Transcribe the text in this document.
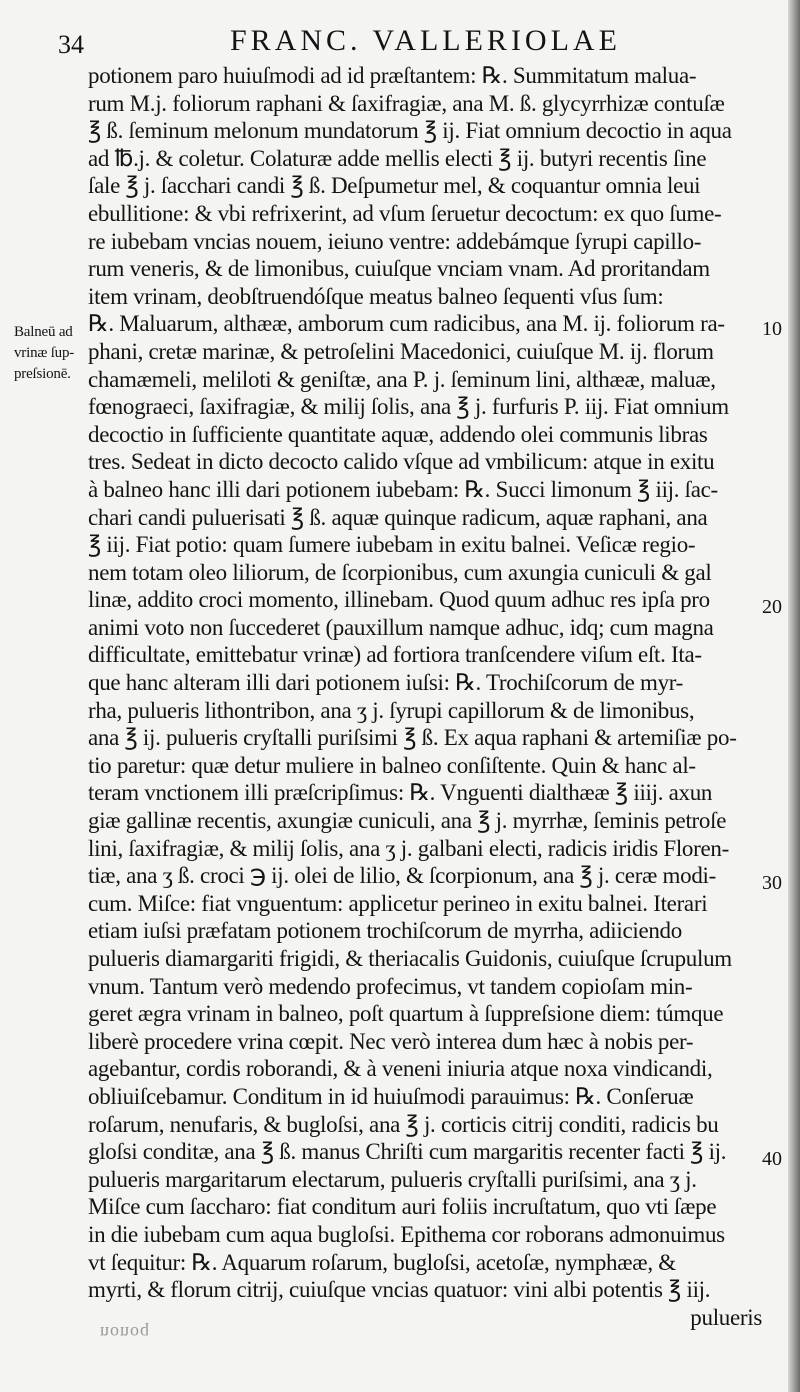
34	FRANC. VALLERIOLAE
Balneū ad
vrinæ ſup-
preſsionē.
10
20
30
40
potionem paro huiuſmodi ad id præſtantem: ℞. Summitatum malua-
rum M.j. foliorum raphani & ſaxifragiæ, ana M. ß. glycyrrhizæ contuſæ
℥ ß. ſeminum melonum mundatorum ℥ ij. Fiat omnium decoctio in aqua
ad ℔.j. & coletur. Colaturæ adde mellis electi ℥ ij. butyri recentis ſine
ſale ℥ j. ſacchari candi ℥ ß. Deſpumetur mel, & coquantur omnia leui
ebullitione: & vbi refrixerint, ad vſum ſeruetur decoctum: ex quo ſume-
re iubebam vncias nouem, ieiuno ventre: addebámque ſyrupi capillo-
rum veneris, & de limonibus, cuiuſque vnciam vnam. Ad proritandam
item vrinam, deobſtruendóſque meatus balneo ſequenti vſus ſum:
℞. Maluarum, althææ, amborum cum radicibus, ana M. ij. foliorum ra-
phani, cretæ marinæ, & petroſelini Macedonici, cuiuſque M. ij. florum
chamæmeli, meliloti & geniſtæ, ana P. j. ſeminum lini, althææ, maluæ,
fœnograeci, ſaxifragiæ, & milij ſolis, ana ℥ j. furfuris P. iij. Fiat omnium
decoctio in ſufficiente quantitate aquæ, addendo olei communis libras
tres. Sedeat in dicto decocto calido vſque ad vmbilicum: atque in exitu
à balneo hanc illi dari potionem iubebam: ℞. Succi limonum ℥ iij. ſac-
chari candi puluerisati ℥ ß. aquæ quinque radicum, aquæ raphani, ana
℥ iij. Fiat potio: quam ſumere iubebam in exitu balnei. Veſicæ regio-
nem totam oleo liliorum, de ſcorpionibus, cum axungia cuniculi & gal
linæ, addito croci momento, illinebam. Quod quum adhuc res ipſa pro
animi voto non ſuccederet (pauxillum namque adhuc, idq; cum magna
difficultate, emittebatur vrinæ) ad fortiora tranſcendere viſum eſt. Ita-
que hanc alteram illi dari potionem iuſsi: ℞. Trochiſcorum de myr-
rha, pulueris lithontribon, ana ʒ j. ſyrupi capillorum & de limonibus,
ana ℥ ij. pulueris cryſtalli puriſsimi ℥ ß. Ex aqua raphani & artemiſiæ po-
tio paretur: quæ detur muliere in balneo conſiſtente. Quin & hanc al-
teram vnctionem illi præſcripſimus: ℞. Vnguenti dialthææ ℥ iiij. axun
giæ gallinæ recentis, axungiæ cuniculi, ana ℥ j. myrrhæ, ſeminis petroſe
lini, ſaxifragiæ, & milij ſolis, ana ʒ j. galbani electi, radicis iridis Floren-
tiæ, ana ʒ ß. croci ℈ ij. olei de lilio, & ſcorpionum, ana ℥ j. ceræ modi-
cum. Miſce: fiat vnguentum: applicetur perineo in exitu balnei. Iterari
etiam iuſsi præfatam potionem trochiſcorum de myrrha, adiiciendo
pulueris diamargariti frigidi, & theriacalis Guidonis, cuiuſque ſcrupulum
vnum. Tantum verò medendo profecimus, vt tandem copioſam min-
geret ægra vrinam in balneo, poſt quartum à ſuppreſsione diem: túmque
liberè procedere vrina cœpit. Nec verò interea dum hæc à nobis per-
agebantur, cordis roborandi, & à veneni iniuria atque noxa vindicandi,
obliuiſcebamur. Conditum in id huiuſmodi parauimus: ℞. Conſeruæ
roſarum, nenufaris, & bugloſsi, ana ℥ j. corticis citrij conditi, radicis bu
gloſsi conditæ, ana ℥ ß. manus Chriſti cum margaritis recenter facti ℥ ij.
pulueris margaritarum electarum, pulueris cryſtalli puriſsimi, ana ʒ j.
Miſce cum ſaccharo: fiat conditum auri foliis incruſtatum, quo vti ſæpe
in die iubebam cum aqua bugloſsi. Epithema cor roborans admonuimus
vt ſequitur: ℞. Aquarum roſarum, bugloſsi, acetoſæ, nymphææ, &
myrti, & florum citrij, cuiuſque vncias quatuor: vini albi potentis ℥ iij.
pulueris
nonoq
